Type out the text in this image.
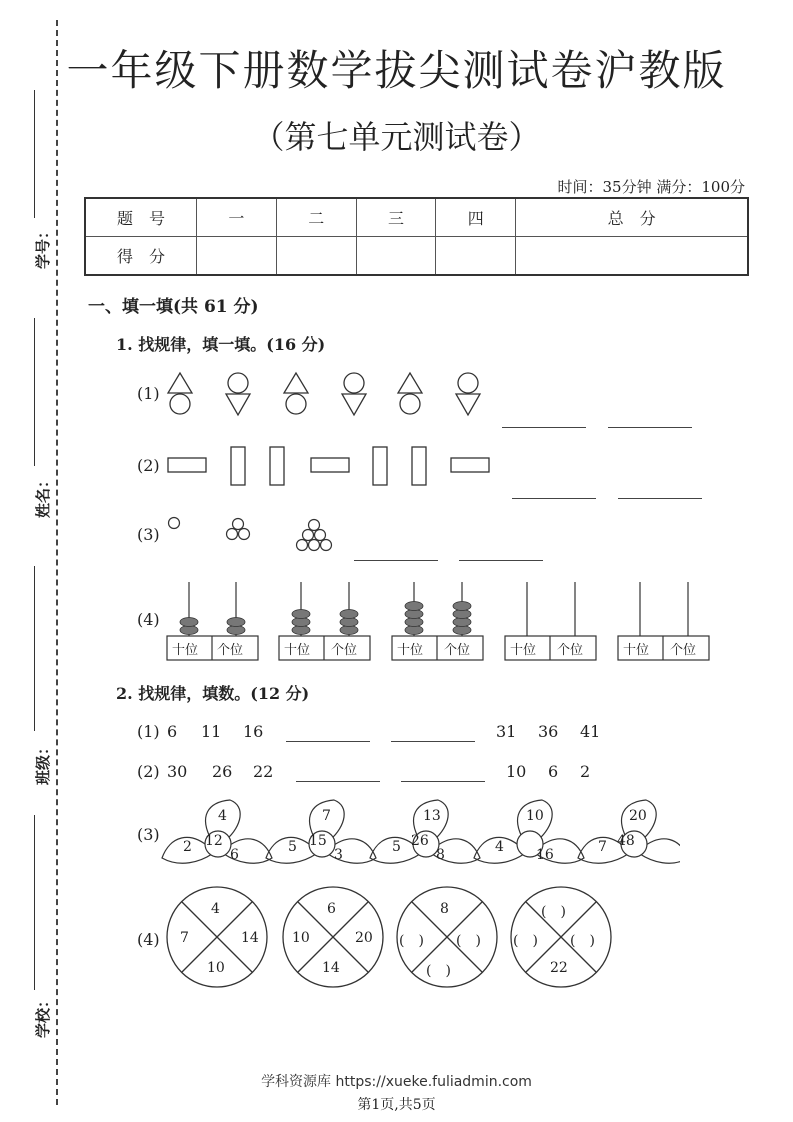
学号：
姓名：
班级：
学校：
一年级下册数学拔尖测试卷沪教版
（第七单元测试卷）
时间：35分钟 满分：100分
题　号	一	二	三	四	总　分
得　分					
一、填一填(共 61 分)
1. 找规律，填一填。(16 分)
(1)
(2)
(3)
(4)
十位 个位	十位 个位	十位 个位	十位 个位	十位 个位
2. 找规律，填数。(12 分)
(1) 6 11 16	31 36 41
(2) 30 26 22	10 6 2
(3)
4
2	6
12
7
5	3
15
13
5	8
26
10
4 16
20
7 48
(4)
4
7	14
10
6
10	20
14
8
(　) (　)
(　)
(　)
(　) (　)
22
学科资源库 https://xueke.fuliadmin.com
第1页,共5页
